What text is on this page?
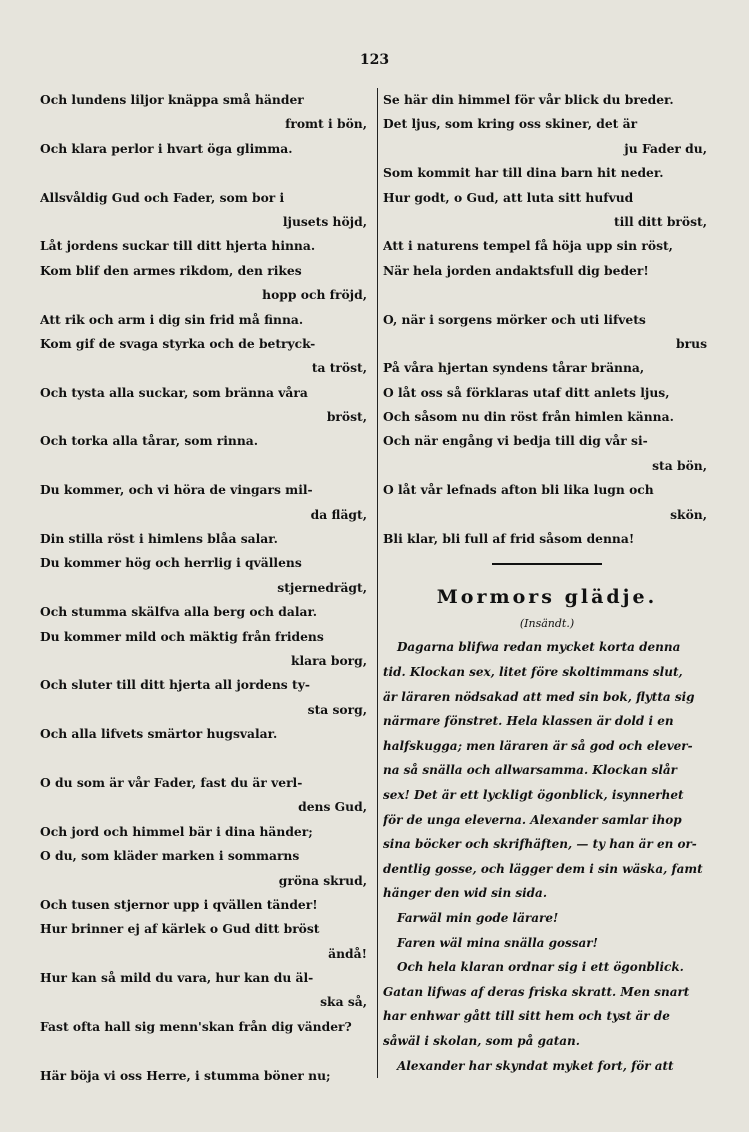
123
Och lundens liljor knäppa små händer
fromt i bön,
Och klara perlor i hvart öga glimma.
Allsvåldig Gud och Fader, som bor i
ljusets höjd,
Låt jordens suckar till ditt hjerta hinna.
Kom blif den armes rikdom, den rikes
hopp och fröjd,
Att rik och arm i dig sin frid må finna.
Kom gif de svaga styrka och de betryck-
ta tröst,
Och tysta alla suckar, som bränna våra
bröst,
Och torka alla tårar, som rinna.
Du kommer, och vi höra de vingars mil-
da flägt,
Din stilla röst i himlens blåa salar.
Du kommer hög och herrlig i qvällens
stjernedrägt,
Och stumma skälfva alla berg och dalar.
Du kommer mild och mäktig från fridens
klara borg,
Och sluter till ditt hjerta all jordens ty-
sta sorg,
Och alla lifvets smärtor hugsvalar.
O du som är vår Fader, fast du är verl-
dens Gud,
Och jord och himmel bär i dina händer;
O du, som kläder marken i sommarns
gröna skrud,
Och tusen stjernor upp i qvällen tänder!
Hur brinner ej af kärlek o Gud ditt bröst
ändå!
Hur kan så mild du vara, hur kan du äl-
ska så,
Fast ofta hall sig menn'skan från dig vänder?
Här böja vi oss Herre, i stumma böner nu;
Se här din himmel för vår blick du breder.
Det ljus, som kring oss skiner, det är
ju Fader du,
Som kommit har till dina barn hit neder.
Hur godt, o Gud, att luta sitt hufvud
till ditt bröst,
Att i naturens tempel få höja upp sin röst,
När hela jorden andaktsfull dig beder!
O, när i sorgens mörker och uti lifvets
brus
På våra hjertan syndens tårar bränna,
O låt oss så förklaras utaf ditt anlets ljus,
Och såsom nu din röst från himlen känna.
Och när engång vi bedja till dig vår si-
sta bön,
O låt vår lefnads afton bli lika lugn och
skön,
Bli klar, bli full af frid såsom denna!
Mormors glädje.
(Insändt.)
Dagarna blifwa redan mycket korta denna
tid. Klockan sex, litet före skoltimmans slut,
är läraren nödsakad att med sin bok, flytta sig
närmare fönstret. Hela klassen är dold i en
halfskugga; men läraren är så god och elever-
na så snälla och allwarsamma. Klockan slår
sex! Det är ett lyckligt ögonblick, isynnerhet
för de unga eleverna. Alexander samlar ihop
sina böcker och skrifhäften, — ty han är en or-
dentlig gosse, och lägger dem i sin wäska, famt
hänger den wid sin sida.
Farwäl min gode lärare!
Faren wäl mina snälla gossar!
Och hela klaran ordnar sig i ett ögonblick.
Gatan lifwas af deras friska skratt. Men snart
har enhwar gått till sitt hem och tyst är de
såwäl i skolan, som på gatan.
Alexander har skyndat myket fort, för att
